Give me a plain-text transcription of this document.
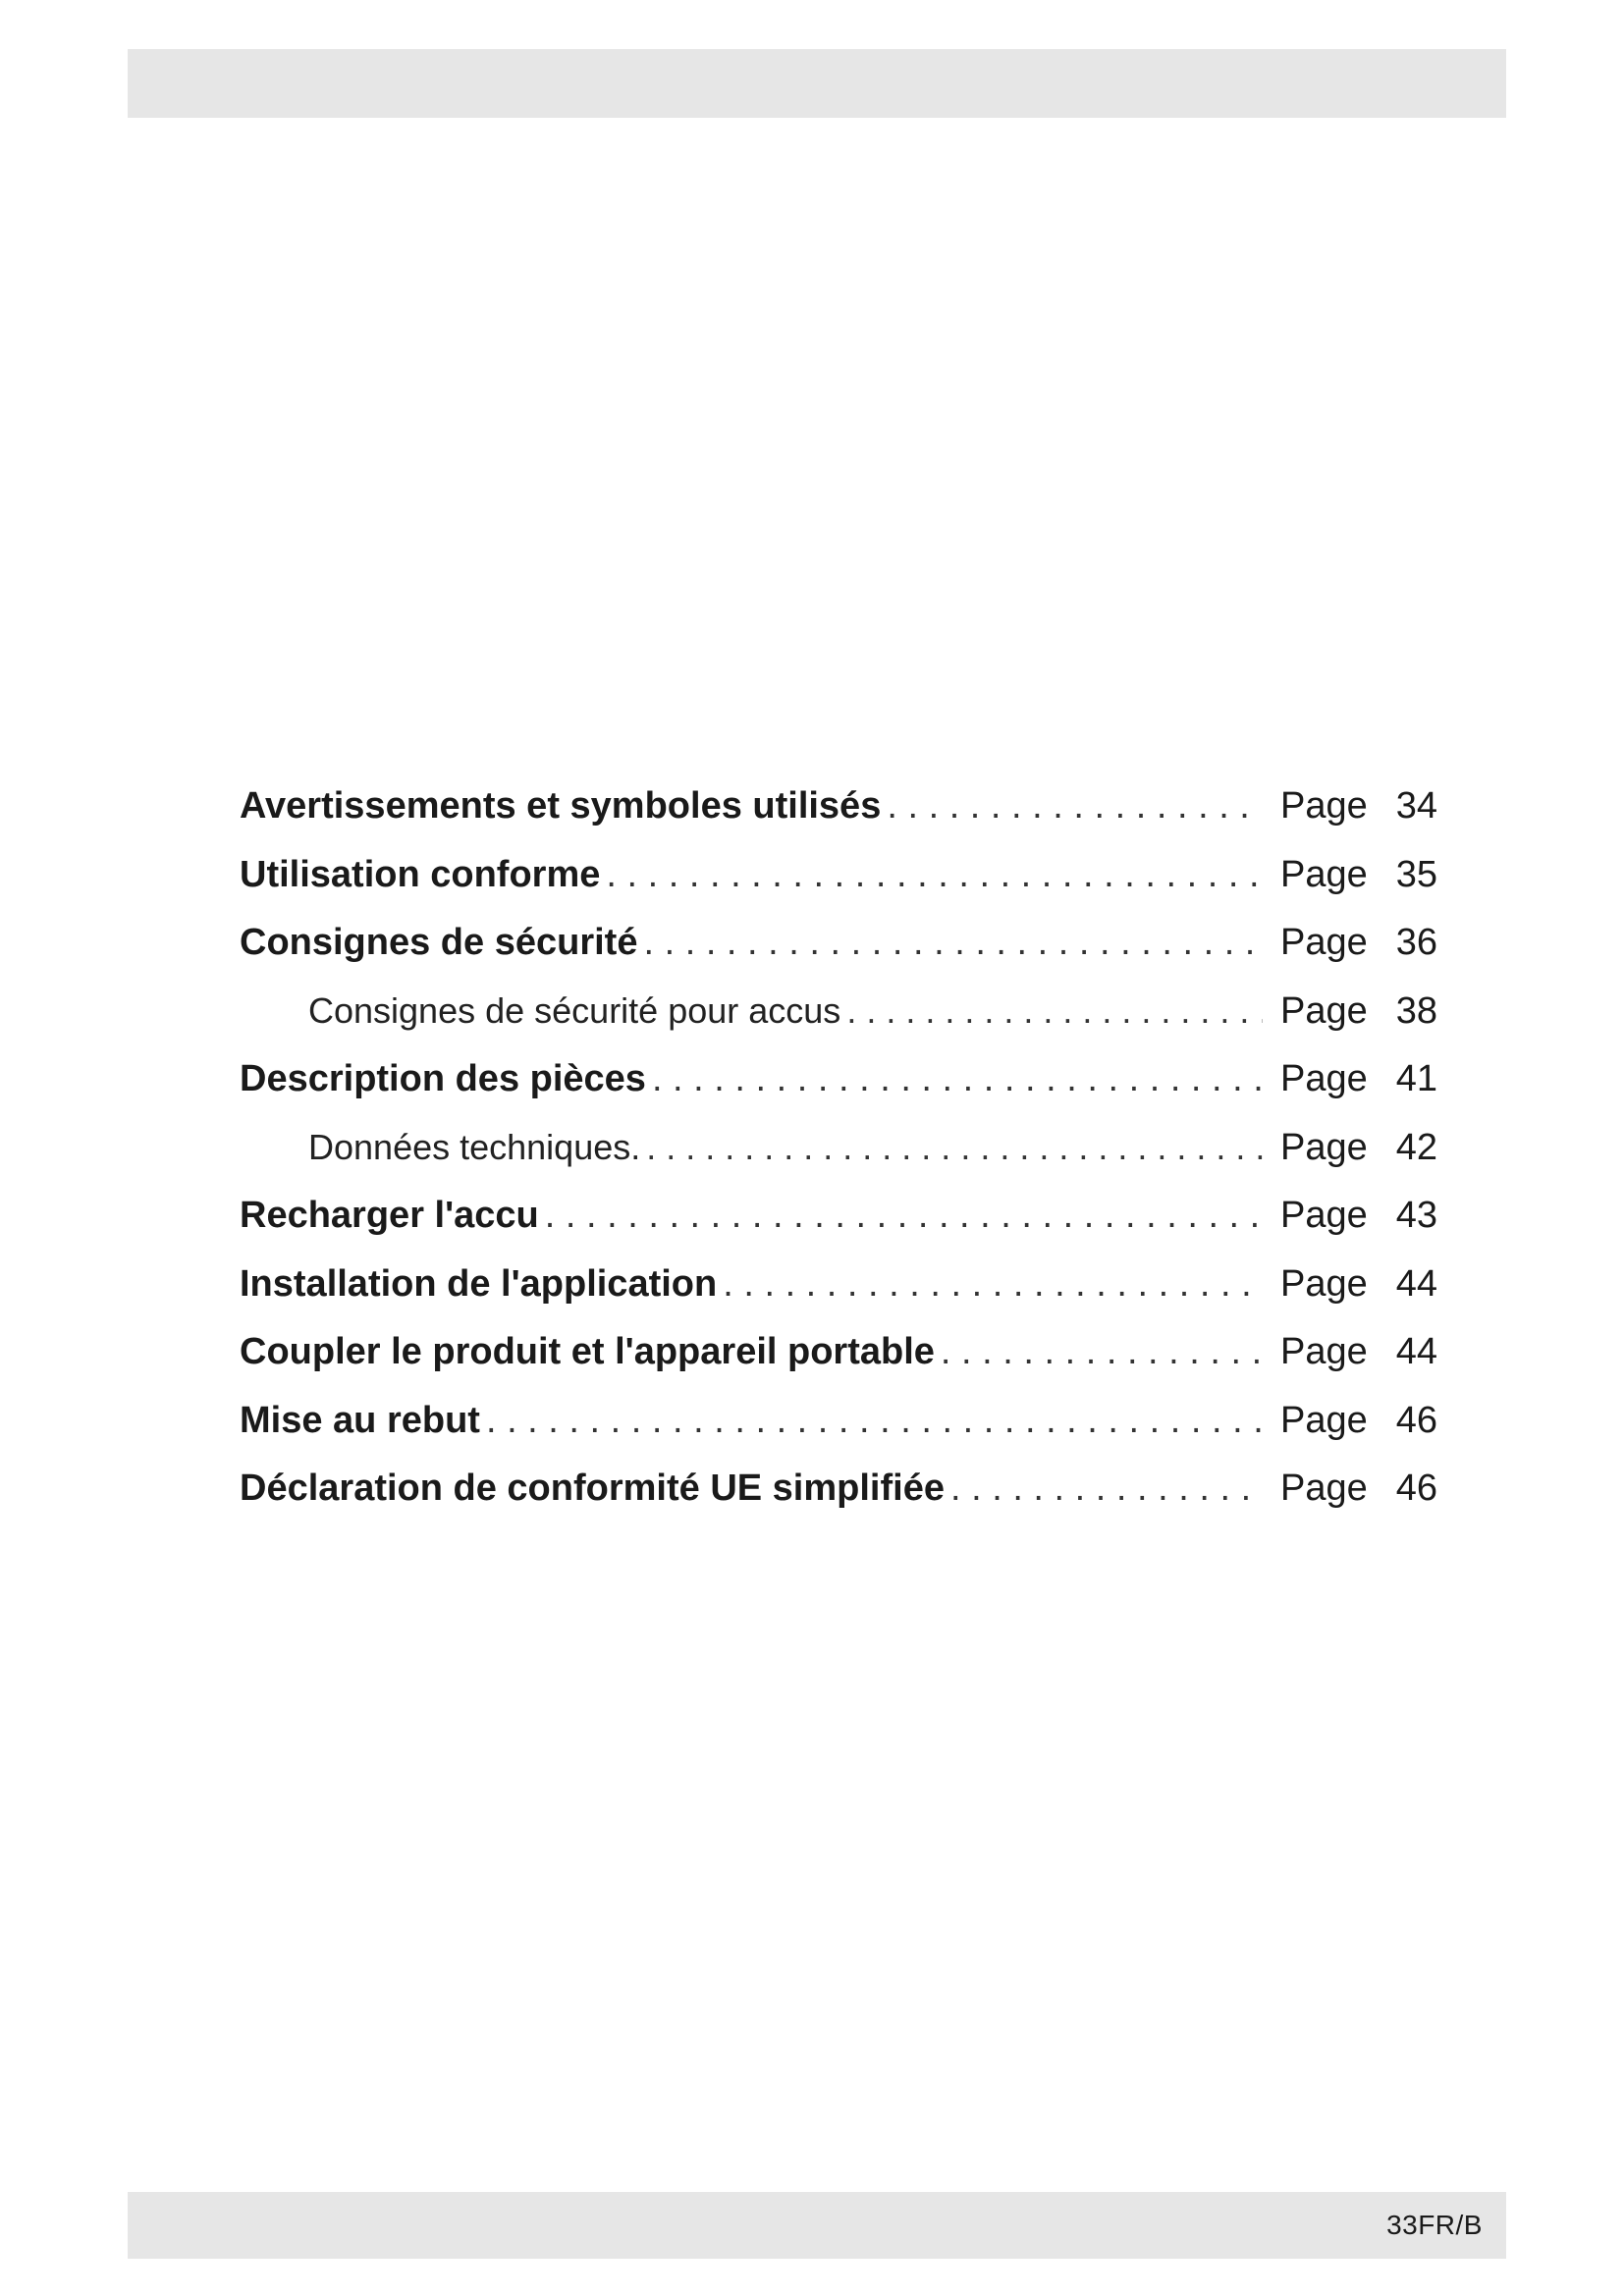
Avertissements et symboles utilisés . . .	Page 34
Utilisation conforme . . .	Page 35
Consignes de sécurité . . .	Page 36
Consignes de sécurité pour accus . . .	Page 38
Description des pièces . . .	Page 41
Données techniques. . . .	Page 42
Recharger l'accu . . .	Page 43
Installation de l'application . . .	Page 44
Coupler le produit et l'appareil portable . . .	Page 44
Mise au rebut . . .	Page 46
Déclaration de conformité UE simplifiée . . .	Page 46
33FR/B
